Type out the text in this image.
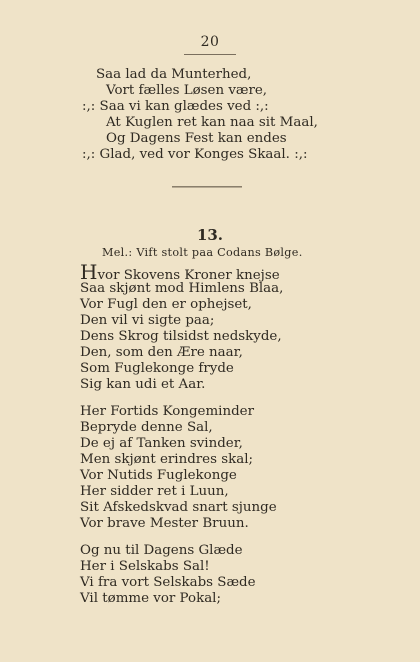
20
Saa lad da Munterhed,
Vort fælles Løsen være,
:,: Saa vi kan glædes ved :,:
At Kuglen ret kan naa sit Maal,
Og Dagens Fest kan endes
:,: Glad, ved vor Konges Skaal. :,:
13.
Mel.: Vift stolt paa Codans Bølge.
Hvor Skovens Kroner knejse
Saa skjønt mod Himlens Blaa,
Vor Fugl den er ophejset,
Den vil vi sigte paa;
Dens Skrog tilsidst nedskyde,
Den, som den Ære naar,
Som Fuglekonge fryde
Sig kan udi et Aar.
Her Fortids Kongeminder
Bepryde denne Sal,
De ej af Tanken svinder,
Men skjønt erindres skal;
Vor Nutids Fuglekonge
Her sidder ret i Luun,
Sit Afskedskvad snart sjunge
Vor brave Mester Bruun.
Og nu til Dagens Glæde
Her i Selskabs Sal!
Vi fra vort Selskabs Sæde
Vil tømme vor Pokal;
